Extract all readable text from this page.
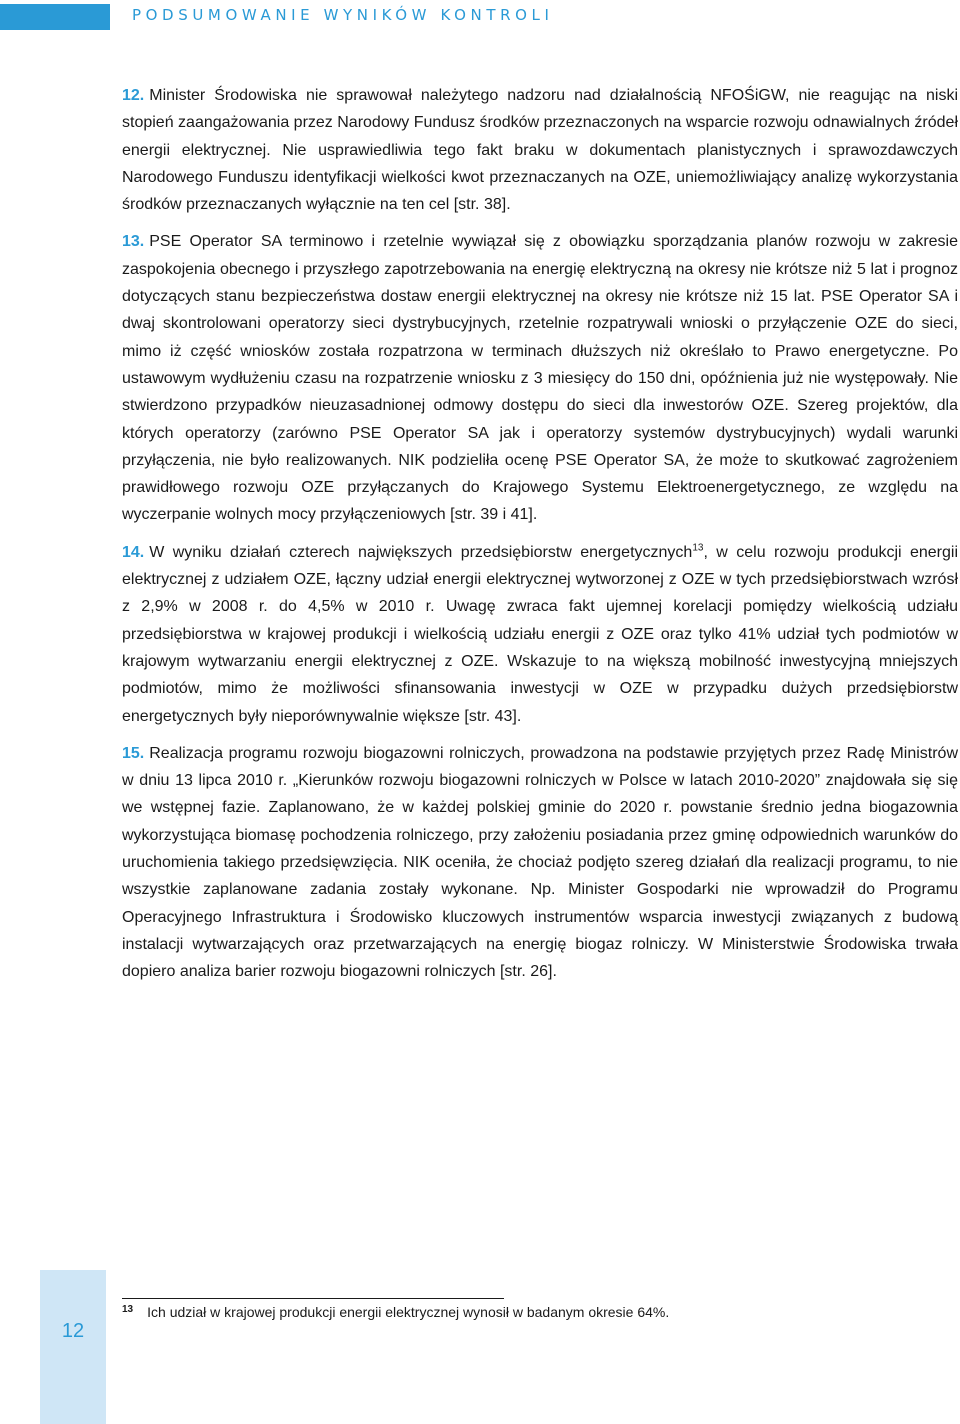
PODSUMOWANIE WYNIKÓW KONTROLI

12. Minister Środowiska nie sprawował należytego nadzoru nad działalnością NFOŚiGW, nie reagując na niski stopień zaangażowania przez Narodowy Fundusz środków przeznaczonych na wsparcie rozwoju odnawialnych źródeł energii elektrycznej. Nie usprawiedliwia tego fakt braku w dokumentach planistycznych i sprawozdawczych Narodowego Funduszu identyfikacji wielkości kwot przeznaczanych na OZE, uniemożliwiający analizę wykorzystania środków przeznaczanych wyłącznie na ten cel [str. 38].

13. PSE Operator SA terminowo i rzetelnie wywiązał się z obowiązku sporządzania planów rozwoju w zakresie zaspokojenia obecnego i przyszłego zapotrzebowania na energię elektryczną na okresy nie krótsze niż 5 lat i prognoz dotyczących stanu bezpieczeństwa dostaw energii elektrycznej na okresy nie krótsze niż 15 lat. PSE Operator SA i dwaj skontrolowani operatorzy sieci dystrybucyjnych, rzetelnie rozpatrywali wnioski o przyłączenie OZE do sieci, mimo iż część wniosków została rozpatrzona w terminach dłuższych niż określało to Prawo energetyczne. Po ustawowym wydłużeniu czasu na rozpatrzenie wniosku z 3 miesięcy do 150 dni, opóźnienia już nie występowały. Nie stwierdzono przypadków nieuzasadnionej odmowy dostępu do sieci dla inwestorów OZE. Szereg projektów, dla których operatorzy (zarówno PSE Operator SA jak i operatorzy systemów dystrybucyjnych) wydali warunki przyłączenia, nie było realizowanych. NIK podzieliła ocenę PSE Operator SA, że może to skutkować zagrożeniem prawidłowego rozwoju OZE przyłączanych do Krajowego Systemu Elektroenergetycznego, ze względu na wyczerpanie wolnych mocy przyłączeniowych [str. 39 i 41].

14. W wyniku działań czterech największych przedsiębiorstw energetycznych$^{13}$, w celu rozwoju produkcji energii elektrycznej z udziałem OZE, łączny udział energii elektrycznej wytworzonej z OZE w tych przedsiębiorstwach wzrósł z 2,9% w 2008 r. do 4,5% w 2010 r. Uwagę zwraca fakt ujemnej korelacji pomiędzy wielkością udziału przedsiębiorstwa w krajowej produkcji i wielkością udziału energii z OZE oraz tylko 41% udział tych podmiotów w krajowym wytwarzaniu energii elektrycznej z OZE. Wskazuje to na większą mobilność inwestycyjną mniejszych podmiotów, mimo że możliwości sfinansowania inwestycji w OZE w przypadku dużych przedsiębiorstw energetycznych były nieporównywalnie większe [str. 43].

15. Realizacja programu rozwoju biogazowni rolniczych, prowadzona na podstawie przyjętych przez Radę Ministrów w dniu 13 lipca 2010 r. „Kierunków rozwoju biogazowni rolniczych w Polsce w latach 2010-2020” znajdowała się się we wstępnej fazie. Zaplanowano, że w każdej polskiej gminie do 2020 r. powstanie średnio jedna biogazownia wykorzystująca biomasę pochodzenia rolniczego, przy założeniu posiadania przez gminę odpowiednich warunków do uruchomienia takiego przedsięwzięcia. NIK oceniła, że chociaż podjęto szereg działań dla realizacji programu, to nie wszystkie zaplanowane zadania zostały wykonane. Np. Minister Gospodarki nie wprowadził do Programu Operacyjnego Infrastruktura i Środowisko kluczowych instrumentów wsparcia inwestycji związanych z budową instalacji wytwarzających oraz przetwarzających na energię biogaz rolniczy. W Ministerstwie Środowiska trwała dopiero analiza barier rozwoju biogazowni rolniczych [str. 26].

12
$^{13}$ Ich udział w krajowej produkcji energii elektrycznej wynosił w badanym okresie 64%.
